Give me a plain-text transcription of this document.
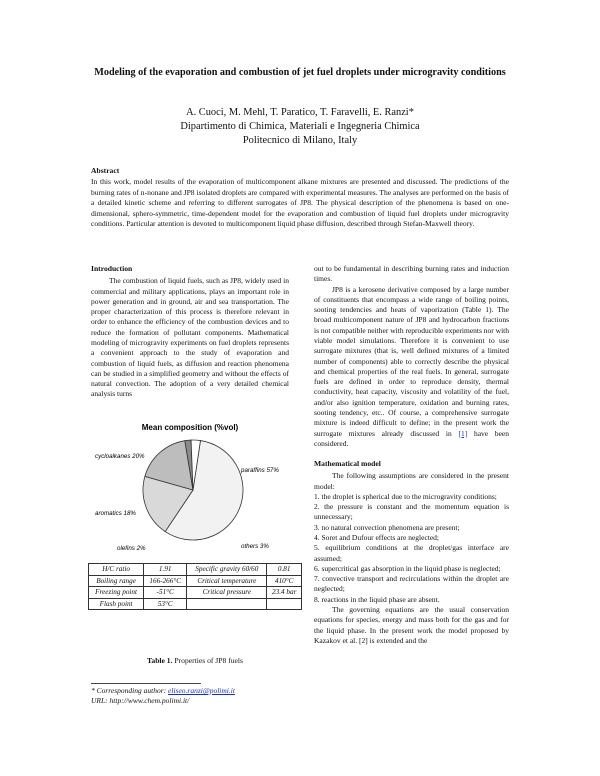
Modeling of the evaporation and combustion of jet fuel droplets under microgravity conditions
A. Cuoci, M. Mehl, T. Paratico, T. Faravelli, E. Ranzi*
Dipartimento di Chimica, Materiali e Ingegneria Chimica
Politecnico di Milano, Italy
Abstract

In this work, model results of the evaporation of multicomponent alkane mixtures are presented and discussed. The predictions of the burning rates of n-nonane and JP8 isolated droplets are compared with experimental measures. The analyses are performed on the basis of a detailed kinetic scheme and referring to different surrogates of JP8. The physical description of the phenomena is based on one-dimensional, sphero-symmetric, time-dependent model for the evaporation and combustion of liquid fuel droplets under microgravity conditions. Particular attention is devoted to multicomponent liquid phase diffusion, described through Stefan-Maxwell theory.

Introduction

The combustion of liquid fuels, such as JP8, widely used in commercial and military applications, plays an important role in power generation and in ground, air and sea transportation. The proper characterization of this process is therefore relevant in order to enhance the efficiency of the combustion devices and to reduce the formation of pollutant components. Mathematical modeling of microgravity experiments on fuel droplets represents a convenient approach to the study of evaporation and combustion of liquid fuels, as diffusion and reaction phenomena can be studied in a simplified geometry and without the effects of natural convection. The adoption of a very detailed chemical analysis turns

Mean composition (%vol)
paraffins 57%
cycloalkanes 20%
aromatics 18%
olefins 2%	others 3%
H/C ratio	1.91	Specific gravity 60/60	0.81
Boiling range	166-266°C	Critical temperature	410°C
Freezing point	-51°C	Critical pressure	23.4 bar
Flash point	53°C		
Table 1. Properties of JP8 fuels
* Corresponding author: eliseo.ranzi@polimi.it
URL: http://www.chem.polimi.it/

out to be fundamental in describing burning rates and induction times.

JP8 is a kerosene derivative composed by a large number of constituents that encompass a wide range of boiling points, sooting tendencies and heats of vaporization (Table 1). The broad multicomponent nature of JP8 and hydrocarbon fractions is not compatible neither with reproducible experiments nor with viable model simulations. Therefore it is convenient to use surrogate mixtures (that is, well defined mixtures of a limited number of components) able to correctly describe the physical and chemical properties of the real fuels. In general, surrogate fuels are defined in order to reproduce density, thermal conductivity, heat capacity, viscosity and volatility of the fuel, and/or also ignition temperature, oxidation and burning rates, sooting tendency, etc.. Of course, a comprehensive surrogate mixture is indeed difficult to define; in the present work the surrogate mixtures already discussed in [1] have been considered.

Mathematical model

The following assumptions are considered in the present model:

1. the droplet is spherical due to the microgravity conditions;

2. the pressure is constant and the momentum equation is unnecessary;

3. no natural convection phenomena are present;

4. Soret and Dufour effects are neglected;

5. equilibrium conditions at the droplet/gas interface are assumed;

6. supercritical gas absorption in the liquid phase is neglected;

7. convective transport and recirculations within the droplet are neglected;

8. reactions in the liquid phase are absent.

The governing equations are the usual conservation equations for species, energy and mass both for the gas and for the liquid phase. In the present work the model proposed by Kazakov et al. [2] is extended and the
